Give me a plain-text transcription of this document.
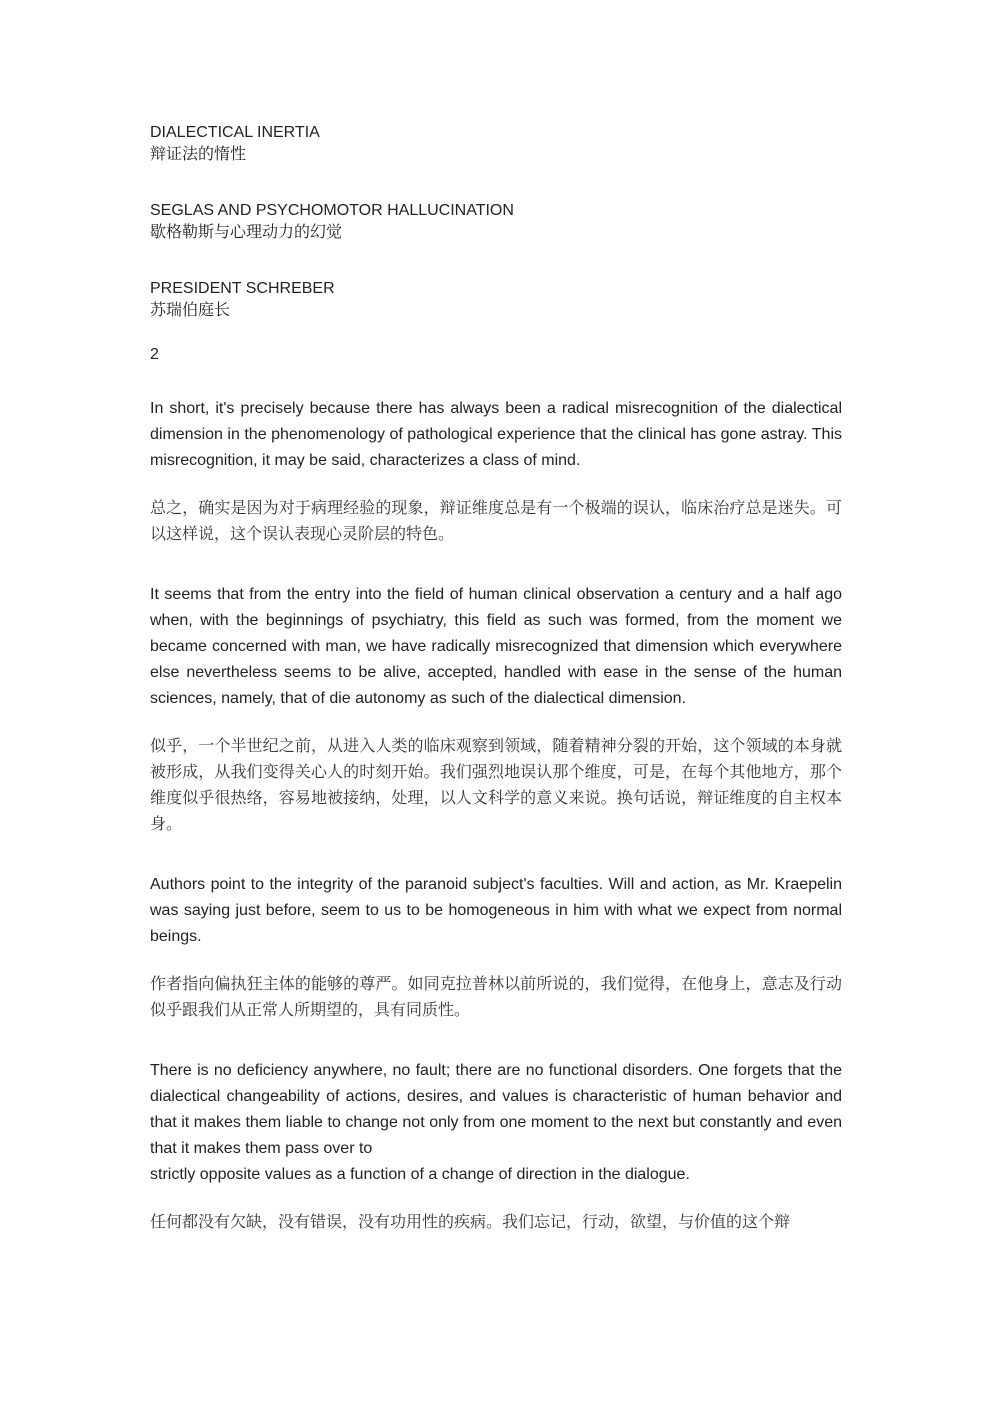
DIALECTICAL INERTIA

辩证法的惰性

SEGLAS AND PSYCHOMOTOR HALLUCINATION

歇格勒斯与心理动力的幻觉

PRESIDENT SCHREBER

苏瑞伯庭长

2

In short, it's precisely because there has always been a radical misrecognition of the dialectical dimension in the phenomenology of pathological experience that the clinical has gone astray. This misrecognition, it may be said, characterizes a class of mind.

总之，确实是因为对于病理经验的现象，辩证维度总是有一个极端的误认，临床治疗总是迷失。可以这样说，这个误认表现心灵阶层的特色。

It seems that from the entry into the field of human clinical observation a century and a half ago when, with the beginnings of psychiatry, this field as such was formed, from the moment we became concerned with man, we have radically misrecognized that dimension which everywhere else nevertheless seems to be alive, accepted, handled with ease in the sense of the human sciences, namely, that of die autonomy as such of the dialectical dimension.

似乎，一个半世纪之前，从进入人类的临床观察到领域，随着精神分裂的开始，这个领域的本身就被形成，从我们变得关心人的时刻开始。我们强烈地误认那个维度，可是，在每个其他地方，那个维度似乎很热络，容易地被接纳，处理，以人文科学的意义来说。换句话说，辩证维度的自主权本身。

Authors point to the integrity of the paranoid subject's faculties. Will and action, as Mr. Kraepelin was saying just before, seem to us to be homogeneous in him with what we expect from normal beings.

作者指向偏执狂主体的能够的尊严。如同克拉普林以前所说的，我们觉得，在他身上，意志及行动似乎跟我们从正常人所期望的，具有同质性。

There is no deficiency anywhere, no fault; there are no functional disorders. One forgets that the dialectical changeability of actions, desires, and values is characteristic of human behavior and that it makes them liable to change not only from one moment to the next but constantly and even that it makes them pass over to
strictly opposite values as a function of a change of direction in the dialogue.

任何都没有欠缺，没有错误，没有功用性的疾病。我们忘记，行动，欲望，与价值的这个辩
